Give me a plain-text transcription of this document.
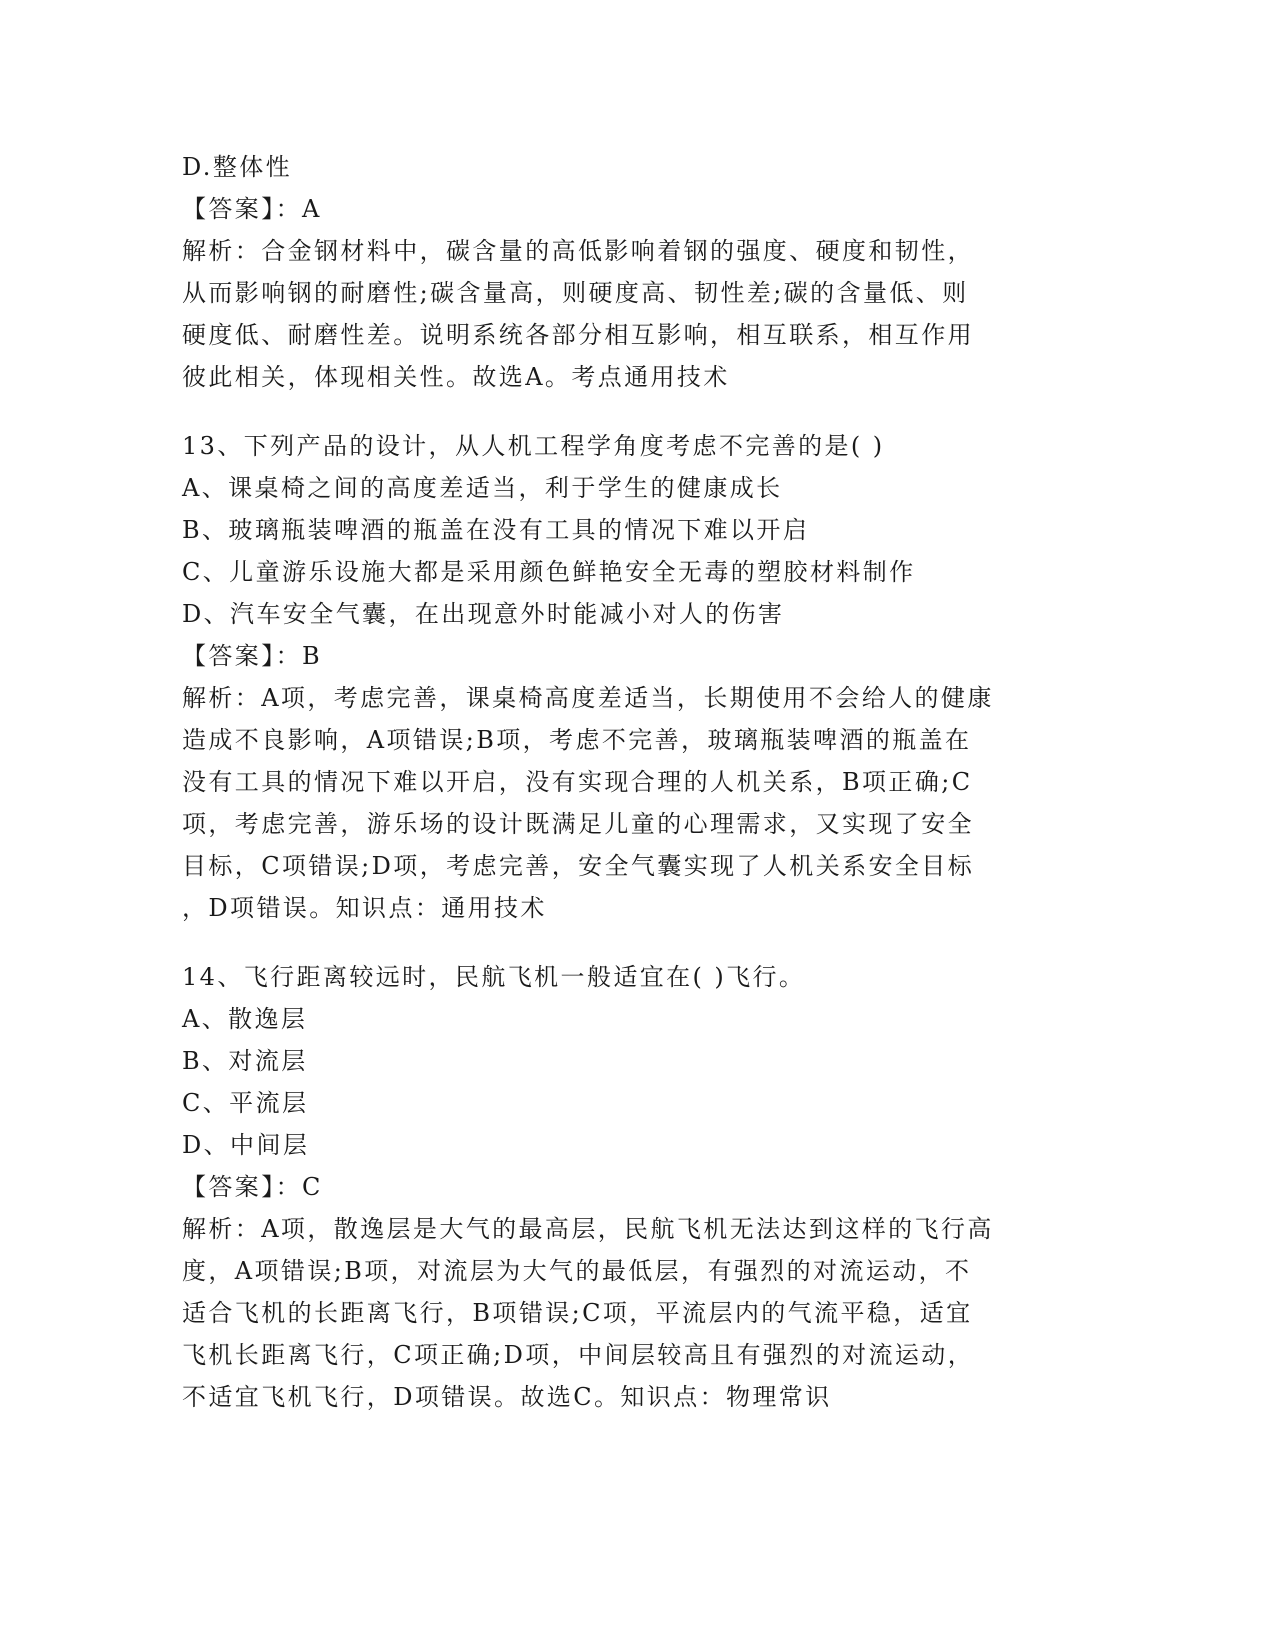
D.整体性
【答案】：A
解析：合金钢材料中，碳含量的高低影响着钢的强度、硬度和韧性，
从而影响钢的耐磨性;碳含量高，则硬度高、韧性差;碳的含量低、则
硬度低、耐磨性差。说明系统各部分相互影响，相互联系，相互作用
彼此相关，体现相关性。故选A。考点通用技术
13、下列产品的设计，从人机工程学角度考虑不完善的是( )
A、课桌椅之间的高度差适当，利于学生的健康成长
B、玻璃瓶装啤酒的瓶盖在没有工具的情况下难以开启
C、儿童游乐设施大都是采用颜色鲜艳安全无毒的塑胶材料制作
D、汽车安全气囊，在出现意外时能减小对人的伤害
【答案】：B
解析：A项，考虑完善，课桌椅高度差适当，长期使用不会给人的健康
造成不良影响，A项错误;B项，考虑不完善，玻璃瓶装啤酒的瓶盖在
没有工具的情况下难以开启，没有实现合理的人机关系，B项正确;C
项，考虑完善，游乐场的设计既满足儿童的心理需求，又实现了安全
目标，C项错误;D项，考虑完善，安全气囊实现了人机关系安全目标
，D项错误。知识点：通用技术
14、飞行距离较远时，民航飞机一般适宜在( )飞行。
A、散逸层
B、对流层
C、平流层
D、中间层
【答案】：C
解析：A项，散逸层是大气的最高层，民航飞机无法达到这样的飞行高
度，A项错误;B项，对流层为大气的最低层，有强烈的对流运动，不
适合飞机的长距离飞行，B项错误;C项，平流层内的气流平稳，适宜
飞机长距离飞行，C项正确;D项，中间层较高且有强烈的对流运动，
不适宜飞机飞行，D项错误。故选C。知识点：物理常识
